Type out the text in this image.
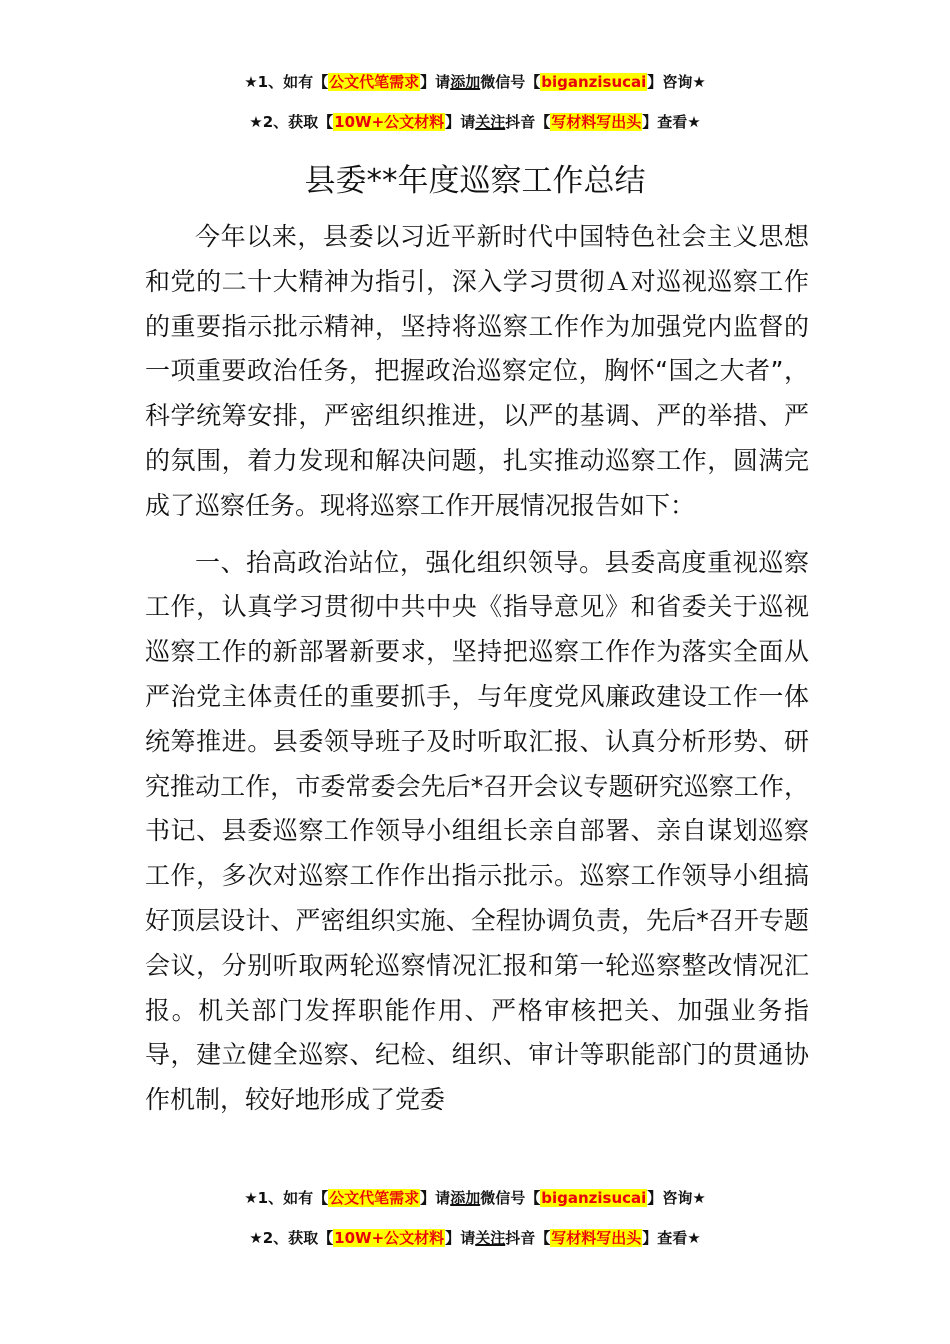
★1、如有【公文代笔需求】请添加微信号【biganzisucai】咨询★
★2、获取【10W+公文材料】请关注抖音【写材料写出头】查看★
县委**年度巡察工作总结

今年以来，县委以习近平新时代中国特色社会主义思想和党的二十大精神为指引，深入学习贯彻Ａ对巡视巡察工作的重要指示批示精神，坚持将巡察工作作为加强党内监督的一项重要政治任务，把握政治巡察定位，胸怀“国之大者”，科学统筹安排，严密组织推进，以严的基调、严的举措、严的氛围，着力发现和解决问题，扎实推动巡察工作，圆满完成了巡察任务。现将巡察工作开展情况报告如下：

一、抬高政治站位，强化组织领导。县委高度重视巡察工作，认真学习贯彻中共中央《指导意见》和省委关于巡视巡察工作的新部署新要求，坚持把巡察工作作为落实全面从严治党主体责任的重要抓手，与年度党风廉政建设工作一体统筹推进。县委领导班子及时听取汇报、认真分析形势、研究推动工作，市委常委会先后*召开会议专题研究巡察工作，书记、县委巡察工作领导小组组长亲自部署、亲自谋划巡察工作，多次对巡察工作作出指示批示。巡察工作领导小组搞好顶层设计、严密组织实施、全程协调负责，先后*召开专题会议，分别听取两轮巡察情况汇报和第一轮巡察整改情况汇报。机关部门发挥职能作用、严格审核把关、加强业务指导，建立健全巡察、纪检、组织、审计等职能部门的贯通协作机制，较好地形成了党委

★1、如有【公文代笔需求】请添加微信号【biganzisucai】咨询★
★2、获取【10W+公文材料】请关注抖音【写材料写出头】查看★
